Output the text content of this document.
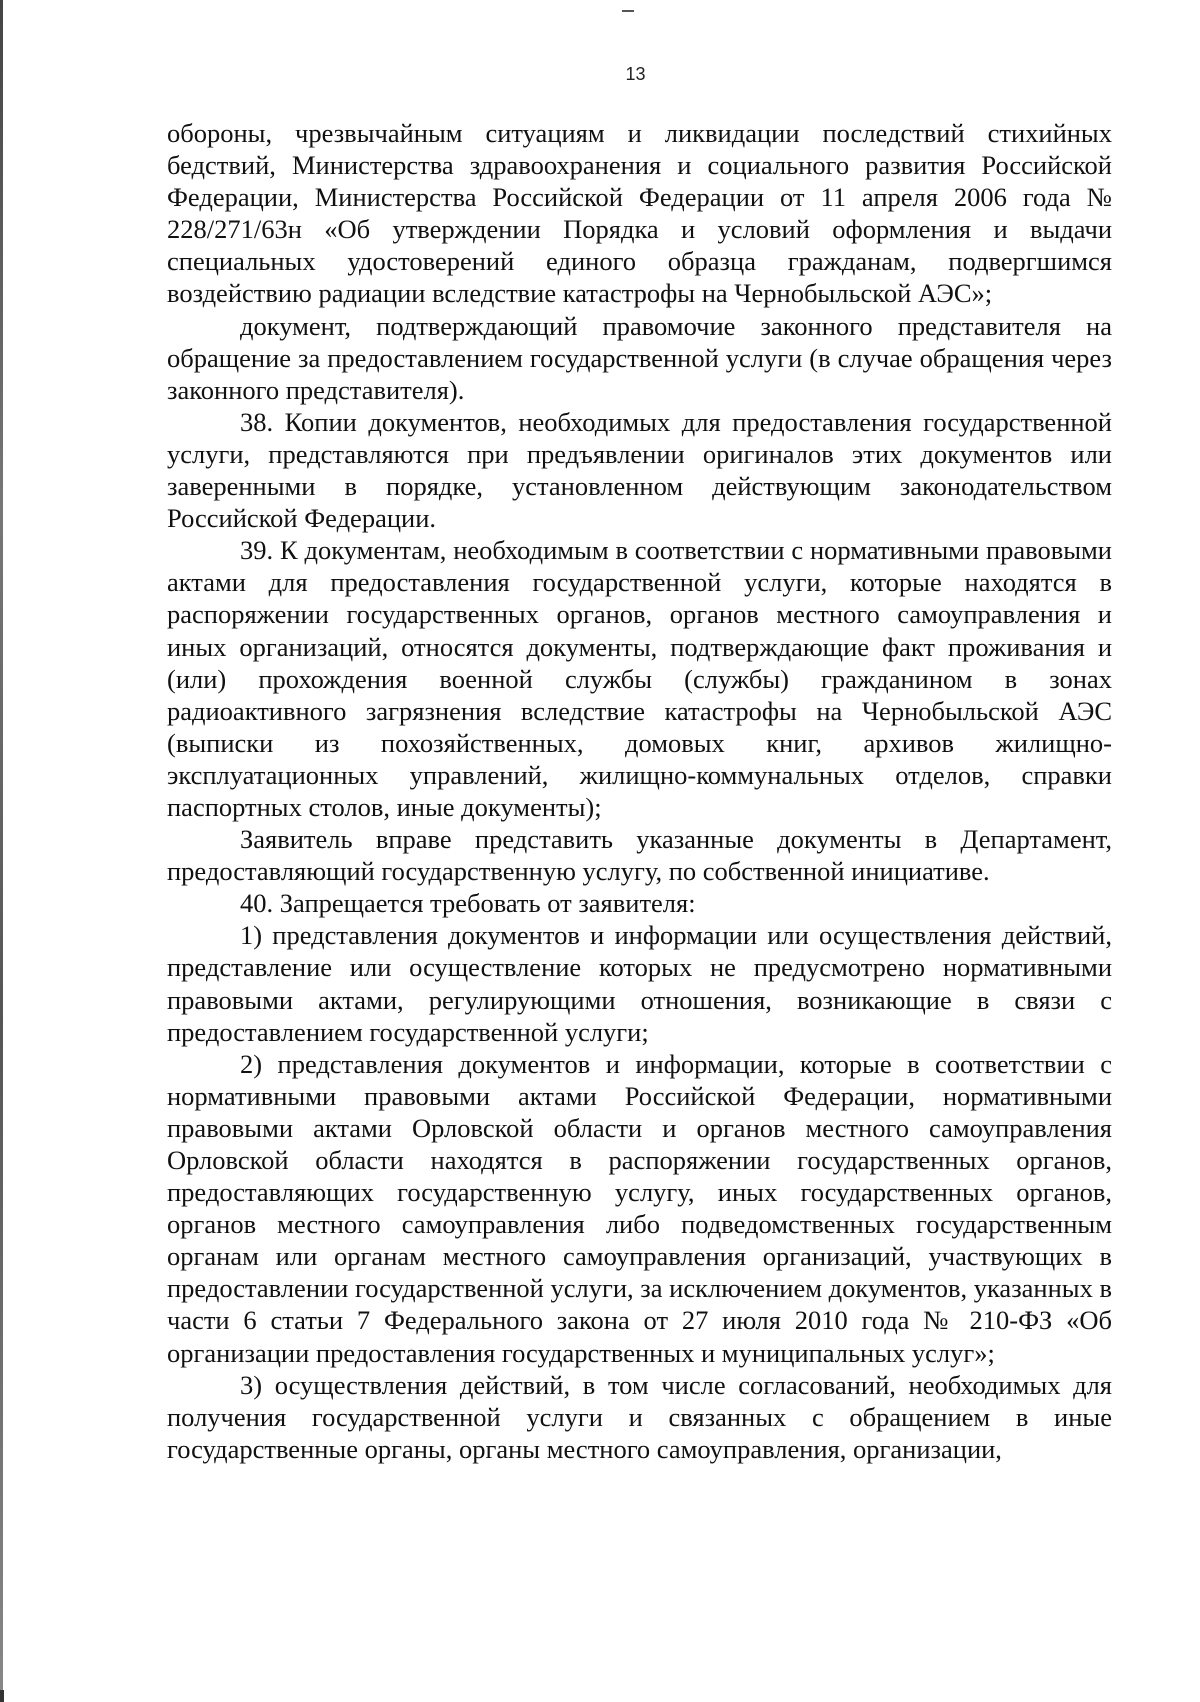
13

обороны, чрезвычайным ситуациям и ликвидации последствий стихийных бедствий, Министерства здравоохранения и социального развития Российской Федерации, Министерства Российской Федерации от 11 апреля 2006 года № 228/271/63н «Об утверждении Порядка и условий оформления и выдачи специальных удостоверений единого образца гражданам, подвергшимся воздействию радиации вследствие катастрофы на Чернобыльской АЭС»;

документ, подтверждающий правомочие законного представителя на обращение за предоставлением государственной услуги (в случае обращения через законного представителя).

38. Копии документов, необходимых для предоставления государственной услуги, представляются при предъявлении оригиналов этих документов или заверенными в порядке, установленном действующим законодательством Российской Федерации.

39. К документам, необходимым в соответствии с нормативными правовыми актами для предоставления государственной услуги, которые находятся в распоряжении государственных органов, органов местного самоуправления и иных организаций, относятся документы, подтверждающие факт проживания и (или) прохождения военной службы (службы) гражданином в зонах радиоактивного загрязнения вследствие катастрофы на Чернобыльской АЭС (выписки из похозяйственных, домовых книг, архивов жилищно-эксплуатационных управлений, жилищно-коммунальных отделов, справки паспортных столов, иные документы);

Заявитель вправе представить указанные документы в Департамент, предоставляющий государственную услугу, по собственной инициативе.

40. Запрещается требовать от заявителя:

1) представления документов и информации или осуществления действий, представление или осуществление которых не предусмотрено нормативными правовыми актами, регулирующими отношения, возникающие в связи с предоставлением государственной услуги;

2) представления документов и информации, которые в соответствии с нормативными правовыми актами Российской Федерации, нормативными правовыми актами Орловской области и органов местного самоуправления Орловской области находятся в распоряжении государственных органов, предоставляющих государственную услугу, иных государственных органов, органов местного самоуправления либо подведомственных государственным органам или органам местного самоуправления организаций, участвующих в предоставлении государственной услуги, за исключением документов, указанных в части 6 статьи 7 Федерального закона от 27 июля 2010 года № 210-ФЗ «Об организации предоставления государственных и муниципальных услуг»;

3) осуществления действий, в том числе согласований, необходимых для получения государственной услуги и связанных с обращением в иные государственные органы, органы местного самоуправления, организации,
